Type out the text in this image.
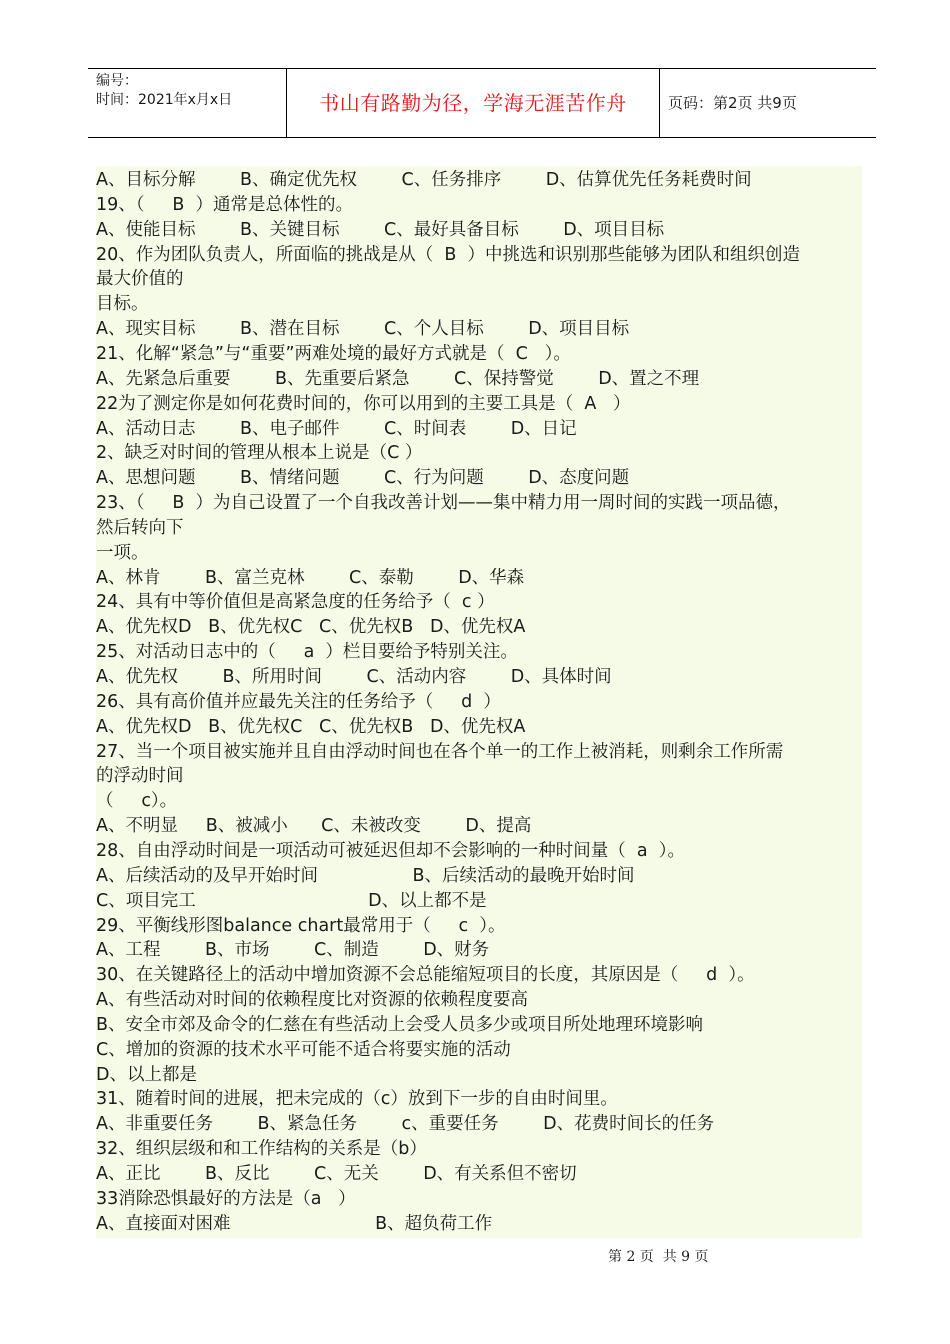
编号：
时间：2021年x月x日	书山有路勤为径，学海无涯苦作舟	页码：第2页 共9页
A、目标分解        B、确定优先权        C、任务排序        D、估算优先任务耗费时间
19、（     B  ）通常是总体性的。
A、使能目标        B、关键目标        C、最好具备目标        D、项目目标
20、作为团队负责人，所面临的挑战是从（  B  ）中挑选和识别那些能够为团队和组织创造
最大价值的
目标。
A、现实目标        B、潜在目标        C、个人目标        D、项目目标
21、化解“紧急”与“重要”两难处境的最好方式就是（  C   ）。
A、先紧急后重要        B、先重要后紧急        C、保持警觉        D、置之不理
22为了测定你是如何花费时间的，你可以用到的主要工具是（  A   ）
A、活动日志        B、电子邮件        C、时间表        D、日记
2、缺乏对时间的管理从根本上说是（C ）
A、思想问题        B、情绪问题        C、行为问题        D、态度问题
23、（     B  ）为自己设置了一个自我改善计划——集中精力用一周时间的实践一项品德，
然后转向下
一项。
A、林肯        B、富兰克林        C、泰勒        D、华森
24、具有中等价值但是高紧急度的任务给予（  c ）
A、优先权D   B、优先权C   C、优先权B   D、优先权A
25、对活动日志中的（     a  ）栏目要给予特别关注。
A、优先权        B、所用时间        C、活动内容        D、具体时间
26、具有高价值并应最先关注的任务给予（     d  ）
A、优先权D   B、优先权C   C、优先权B   D、优先权A
27、当一个项目被实施并且自由浮动时间也在各个单一的工作上被消耗，则剩余工作所需
的浮动时间
（     c）。
A、不明显     B、被减小      C、未被改变        D、提高
28、自由浮动时间是一项活动可被延迟但却不会影响的一种时间量（  a  ）。
A、后续活动的及早开始时间                 B、后续活动的最晚开始时间
C、项目完工                               D、以上都不是
29、平衡线形图balance chart最常用于（     c  ）。
A、工程        B、市场        C、制造        D、财务
30、在关键路径上的活动中增加资源不会总能缩短项目的长度，其原因是（     d  ）。
A、有些活动对时间的依赖程度比对资源的依赖程度要高
B、安全市郊及命令的仁慈在有些活动上会受人员多少或项目所处地理环境影响
C、增加的资源的技术水平可能不适合将要实施的活动
D、以上都是
31、随着时间的进展，把未完成的（c）放到下一步的自由时间里。
A、非重要任务        B、紧急任务        c、重要任务        D、花费时间长的任务
32、组织层级和和工作结构的关系是（b）
A、正比        B、反比        C、无关        D、有关系但不密切
33消除恐惧最好的方法是（a   ）
A、直接面对困难                          B、超负荷工作
第 2 页  共 9 页
